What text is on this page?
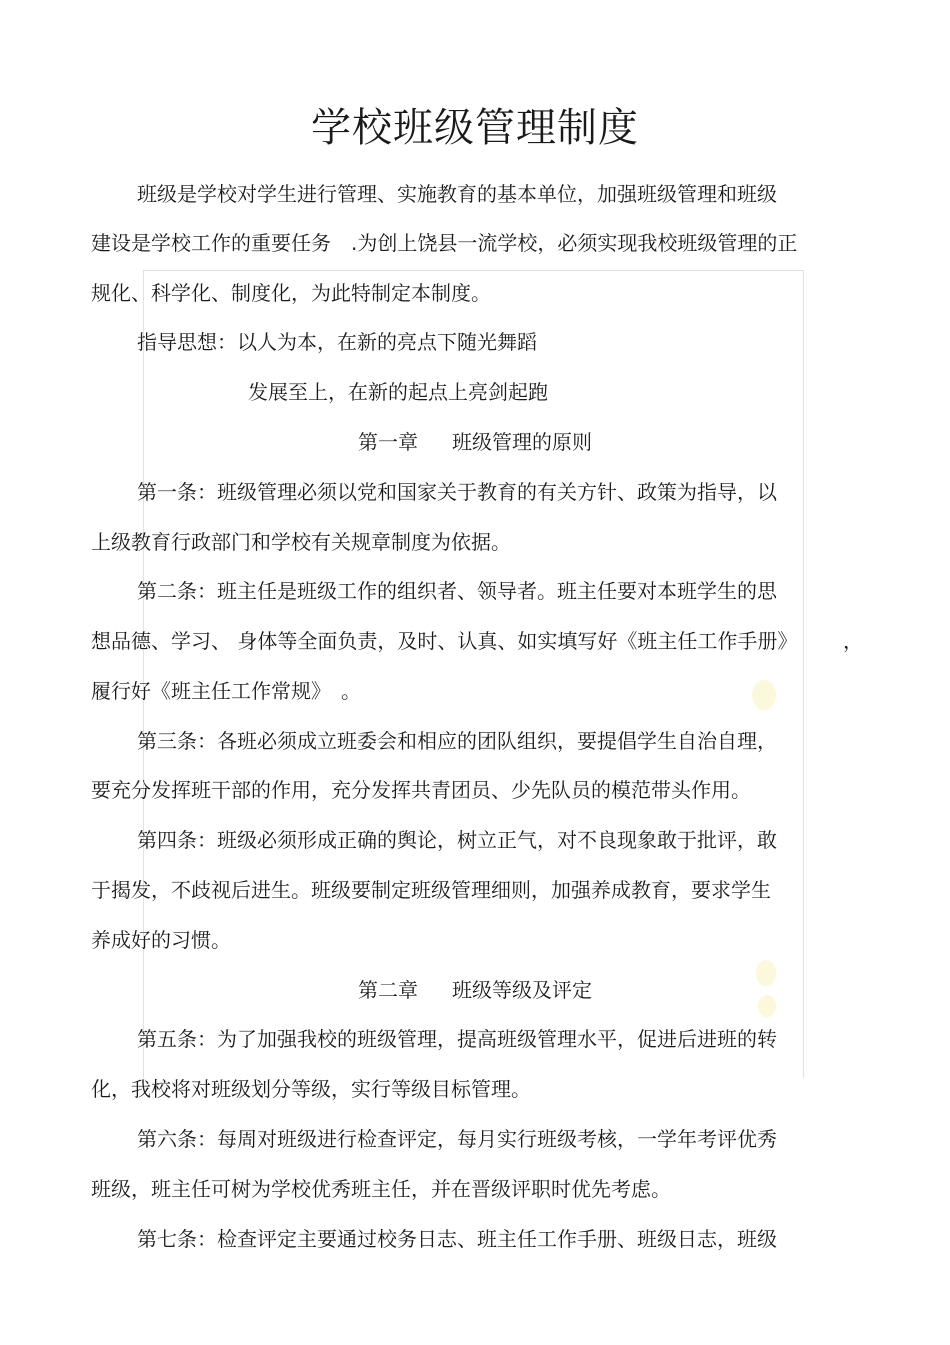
学校班级管理制度
班级是学校对学生进行管理、实施教育的基本单位，加强班级管理和班级
建设是学校工作的重要任务　.为创上饶县一流学校，必须实现我校班级管理的正
规化、科学化、制度化，为此特制定本制度。
指导思想：以人为本，在新的亮点下随光舞蹈
发展至上，在新的起点上亮剑起跑
第一章 班级管理的原则
第一条：班级管理必须以党和国家关于教育的有关方针、政策为指导，以
上级教育行政部门和学校有关规章制度为依据。
第二条：班主任是班级工作的组织者、领导者。班主任要对本班学生的思
想品德、学习、 身体等全面负责，及时、认真、如实填写好《班主任工作手册》 ，
履行好《班主任工作常规》　。
第三条：各班必须成立班委会和相应的团队组织，要提倡学生自治自理，
要充分发挥班干部的作用，充分发挥共青团员、少先队员的模范带头作用。
第四条：班级必须形成正确的舆论，树立正气，对不良现象敢于批评，敢
于揭发，不歧视后进生。班级要制定班级管理细则，加强养成教育，要求学生
养成好的习惯。
第二章 班级等级及评定
第五条：为了加强我校的班级管理，提高班级管理水平，促进后进班的转
化，我校将对班级划分等级，实行等级目标管理。
第六条：每周对班级进行检查评定，每月实行班级考核，一学年考评优秀
班级，班主任可树为学校优秀班主任，并在晋级评职时优先考虑。
第七条：检查评定主要通过校务日志、班主任工作手册、班级日志，班级
